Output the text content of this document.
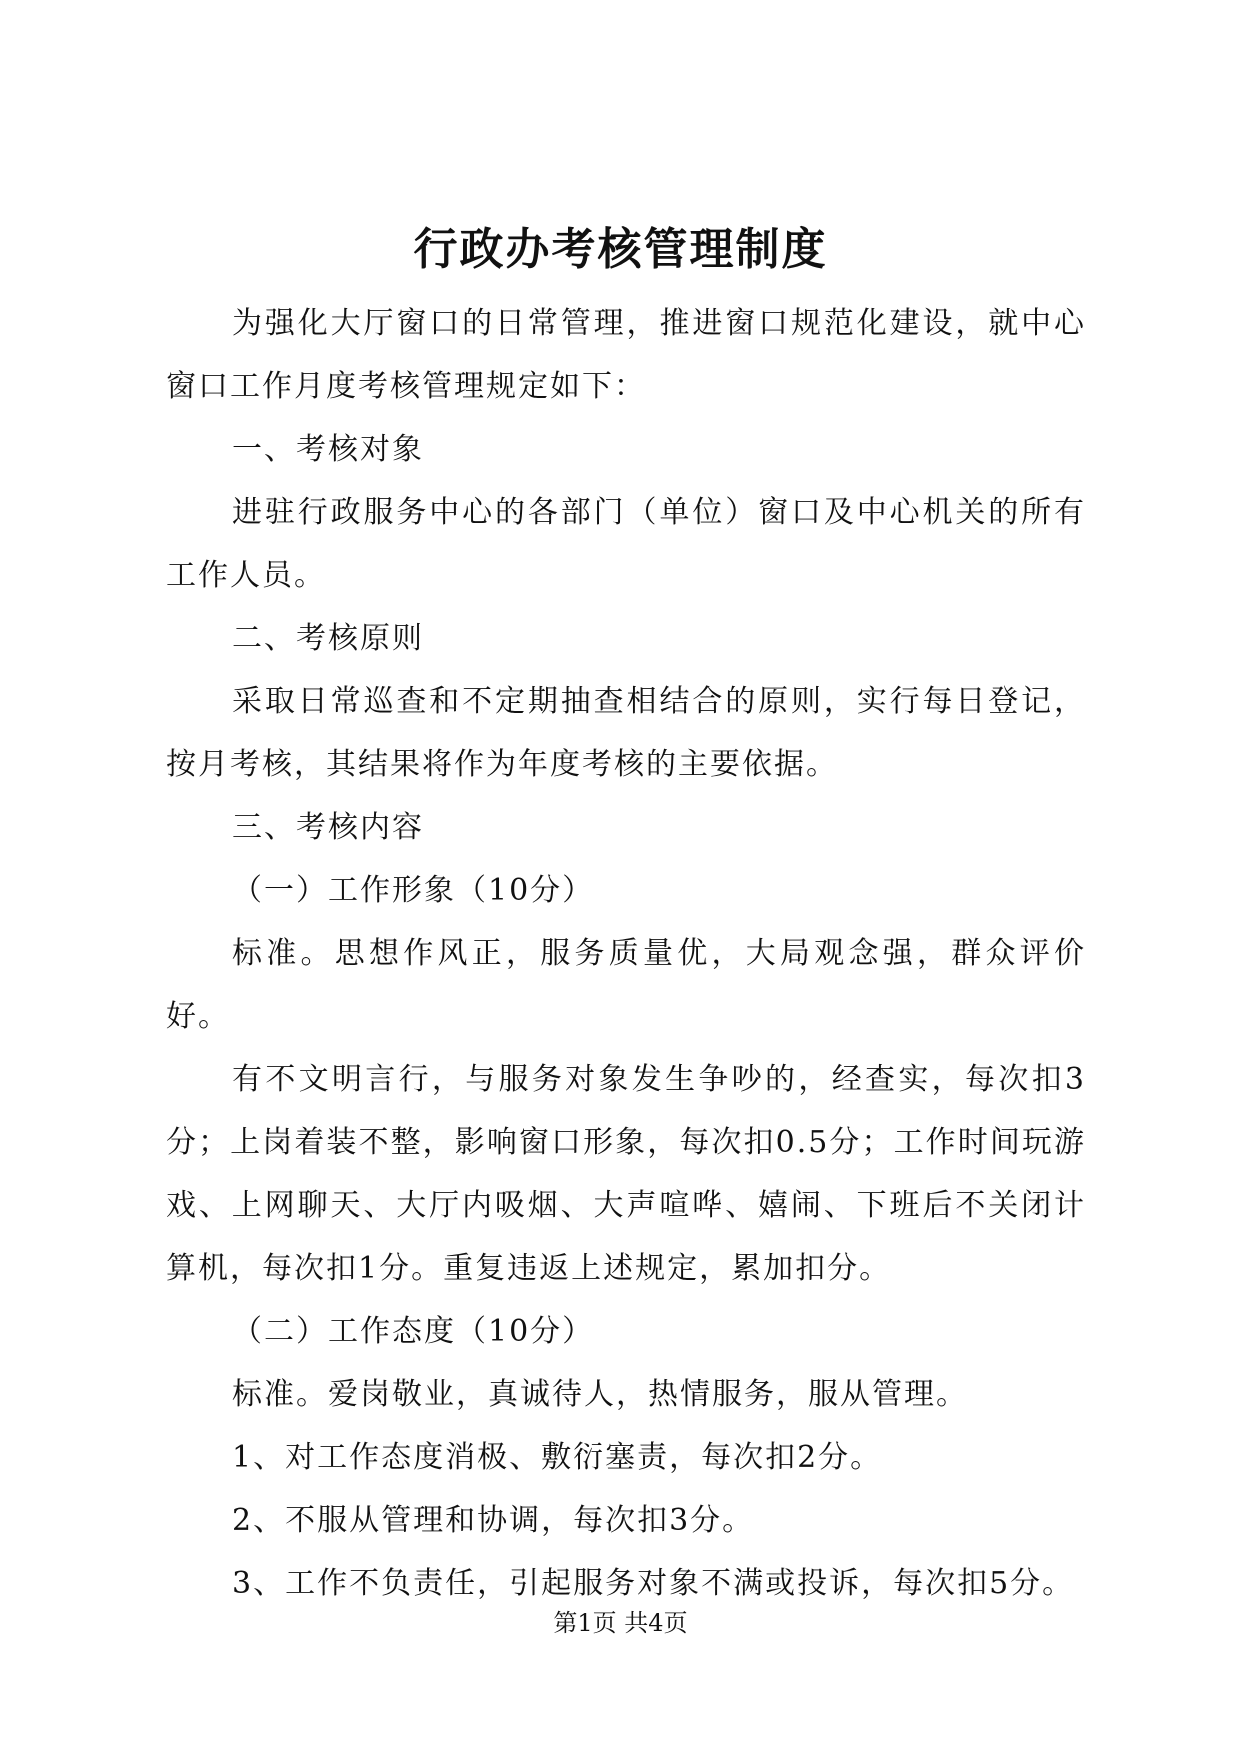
行政办考核管理制度

为强化大厅窗口的日常管理，推进窗口规范化建设，就中心窗口工作月度考核管理规定如下：

一、考核对象

进驻行政服务中心的各部门（单位）窗口及中心机关的所有工作人员。

二、考核原则

采取日常巡查和不定期抽查相结合的原则，实行每日登记，按月考核，其结果将作为年度考核的主要依据。

三、考核内容

（一）工作形象（10分）

标准。思想作风正，服务质量优，大局观念强，群众评价好。

有不文明言行，与服务对象发生争吵的，经查实，每次扣3分；上岗着装不整，影响窗口形象，每次扣0.5分；工作时间玩游戏、上网聊天、大厅内吸烟、大声喧哗、嬉闹、下班后不关闭计算机，每次扣1分。重复违返上述规定，累加扣分。

（二）工作态度（10分）

标准。爱岗敬业，真诚待人，热情服务，服从管理。

1、对工作态度消极、敷衍塞责，每次扣2分。

2、不服从管理和协调，每次扣3分。

3、工作不负责任，引起服务对象不满或投诉，每次扣5分。

第1页 共4页
